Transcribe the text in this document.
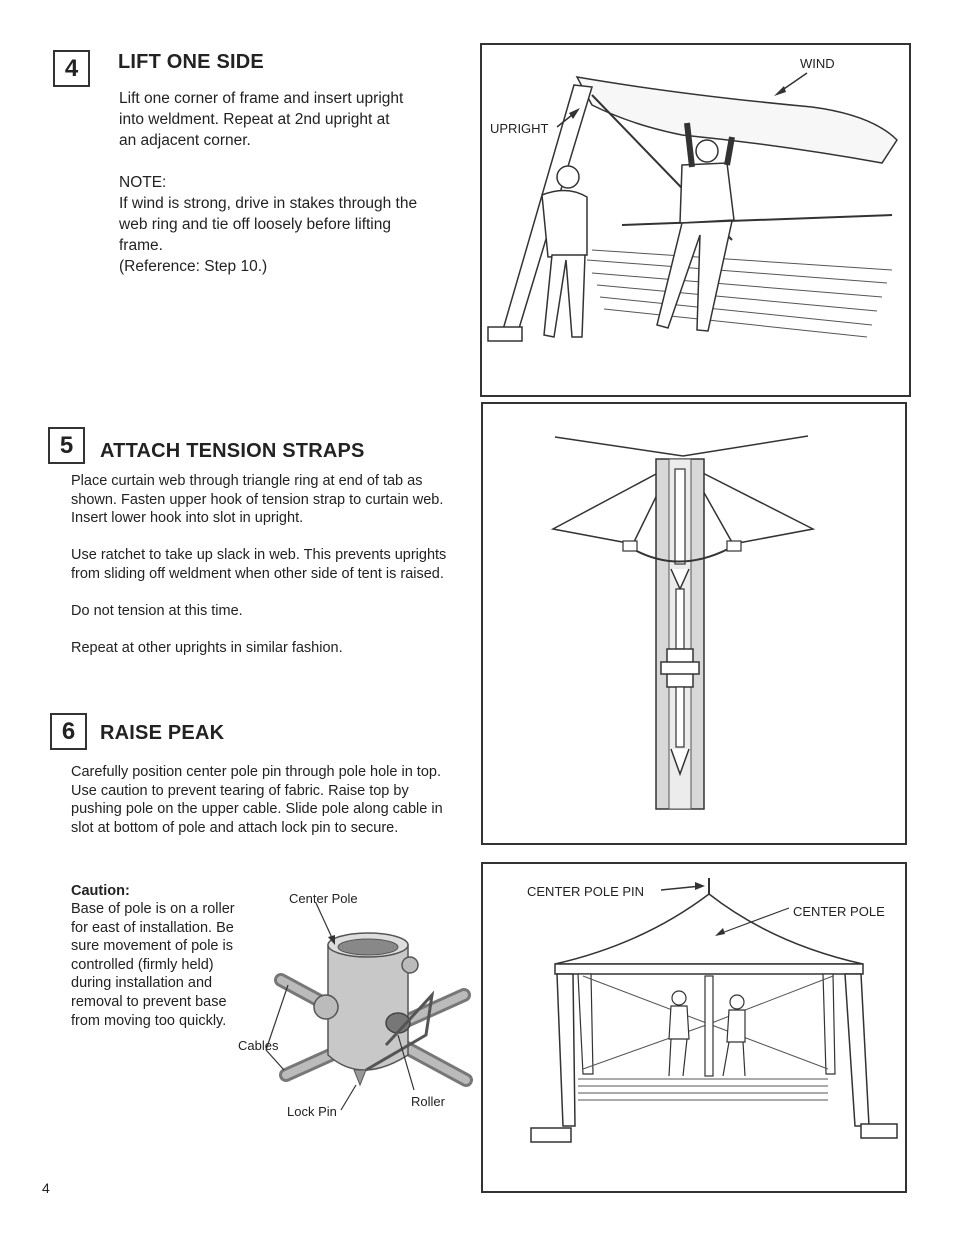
4	LIFT ONE SIDE
Lift one corner of frame and insert upright into weldment. Repeat at 2nd upright at an adjacent corner.
NOTE:
If wind is strong, drive in stakes through the web ring and tie off loosely before lifting frame.
(Reference: Step 10.)
WIND
UPRIGHT
5	ATTACH TENSION STRAPS

Place curtain web through triangle ring at end of tab as shown. Fasten upper hook of tension strap to curtain web. Insert lower hook into slot in upright.

Use ratchet to take up slack in web. This prevents uprights from sliding off weldment when other side of tent is raised.

Do not tension at this time.

Repeat at other uprights in similar fashion.

6	RAISE PEAK
Carefully position center pole pin through pole hole in top. Use caution to prevent tearing of fabric. Raise top by pushing pole on the upper cable. Slide pole along cable in slot at bottom of pole and attach lock pin to secure.
Caution:
Base of pole is on a roller for east of installation. Be sure movement of pole is controlled (firmly held) during installation and removal to prevent base from moving too quickly.
Center Pole
Cables
Roller
Lock Pin
CENTER POLE PIN
CENTER POLE
4
